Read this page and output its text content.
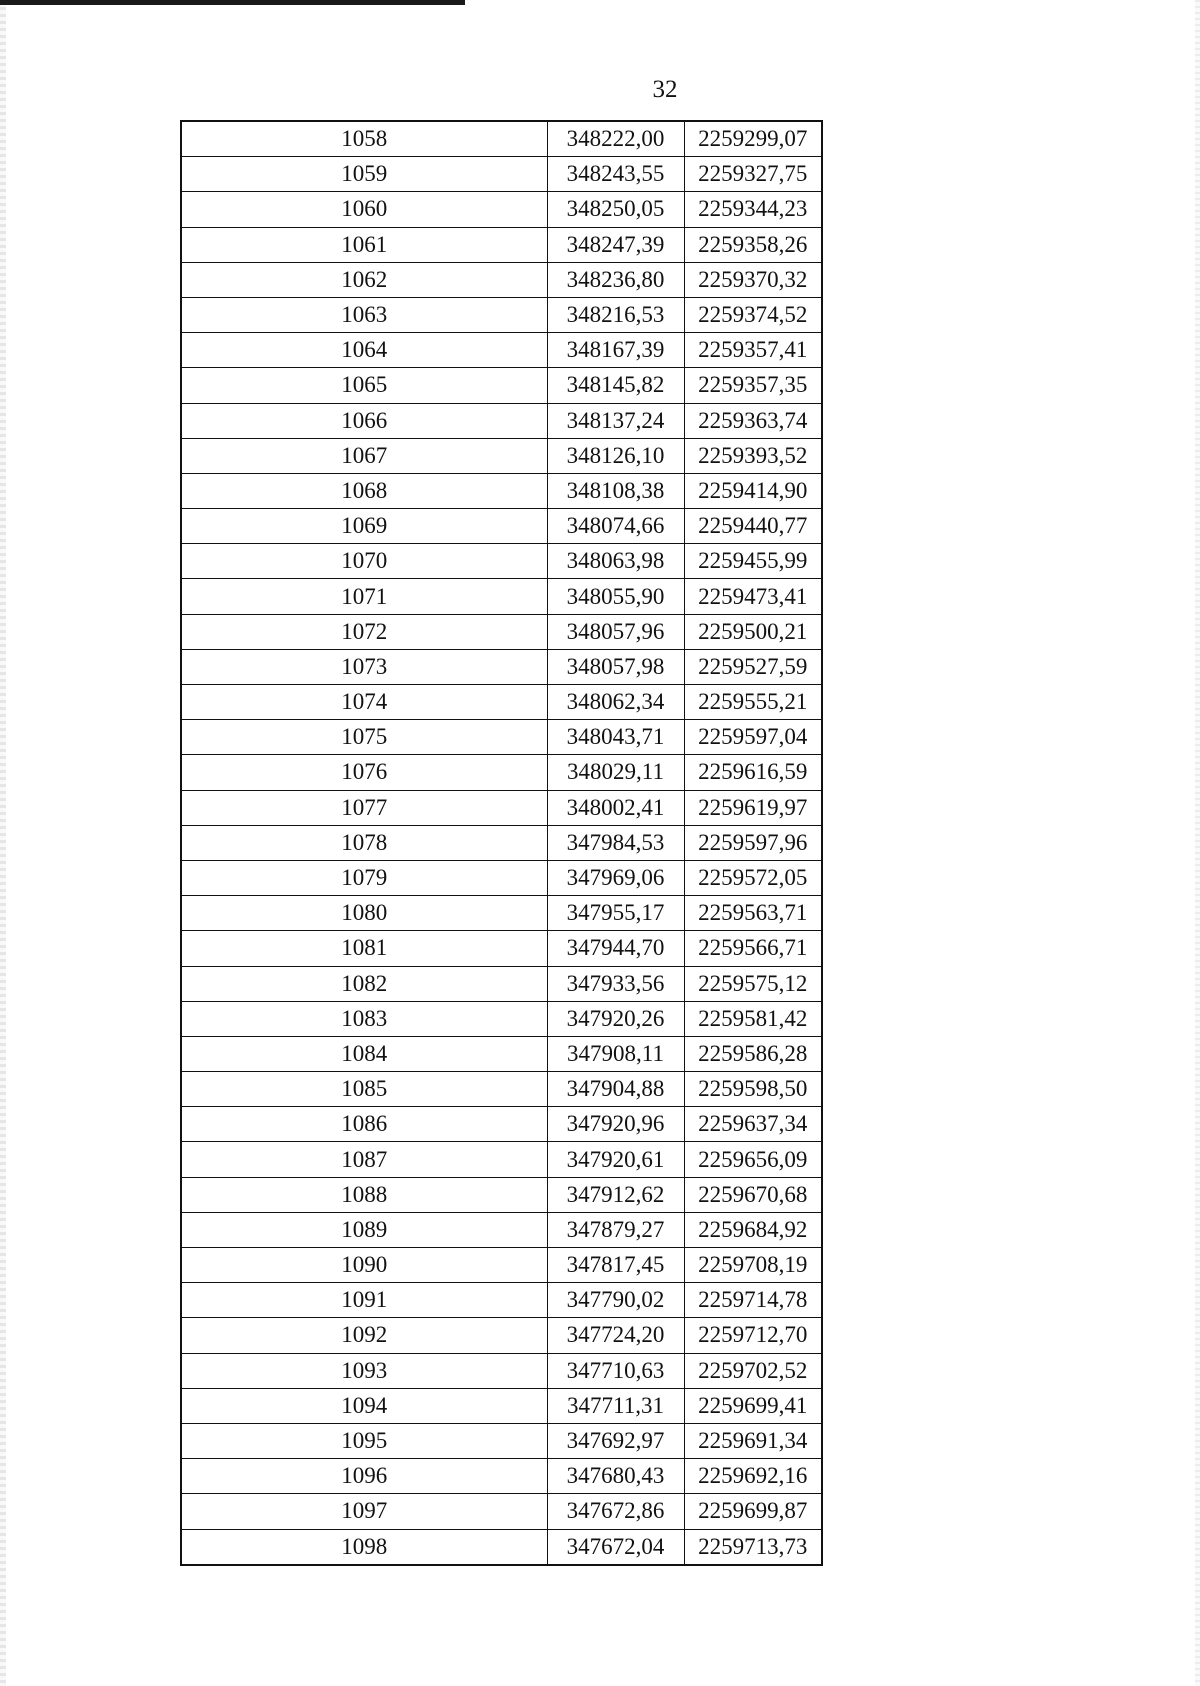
32
1058	348222,00	2259299,07
1059	348243,55	2259327,75
1060	348250,05	2259344,23
1061	348247,39	2259358,26
1062	348236,80	2259370,32
1063	348216,53	2259374,52
1064	348167,39	2259357,41
1065	348145,82	2259357,35
1066	348137,24	2259363,74
1067	348126,10	2259393,52
1068	348108,38	2259414,90
1069	348074,66	2259440,77
1070	348063,98	2259455,99
1071	348055,90	2259473,41
1072	348057,96	2259500,21
1073	348057,98	2259527,59
1074	348062,34	2259555,21
1075	348043,71	2259597,04
1076	348029,11	2259616,59
1077	348002,41	2259619,97
1078	347984,53	2259597,96
1079	347969,06	2259572,05
1080	347955,17	2259563,71
1081	347944,70	2259566,71
1082	347933,56	2259575,12
1083	347920,26	2259581,42
1084	347908,11	2259586,28
1085	347904,88	2259598,50
1086	347920,96	2259637,34
1087	347920,61	2259656,09
1088	347912,62	2259670,68
1089	347879,27	2259684,92
1090	347817,45	2259708,19
1091	347790,02	2259714,78
1092	347724,20	2259712,70
1093	347710,63	2259702,52
1094	347711,31	2259699,41
1095	347692,97	2259691,34
1096	347680,43	2259692,16
1097	347672,86	2259699,87
1098	347672,04	2259713,73
